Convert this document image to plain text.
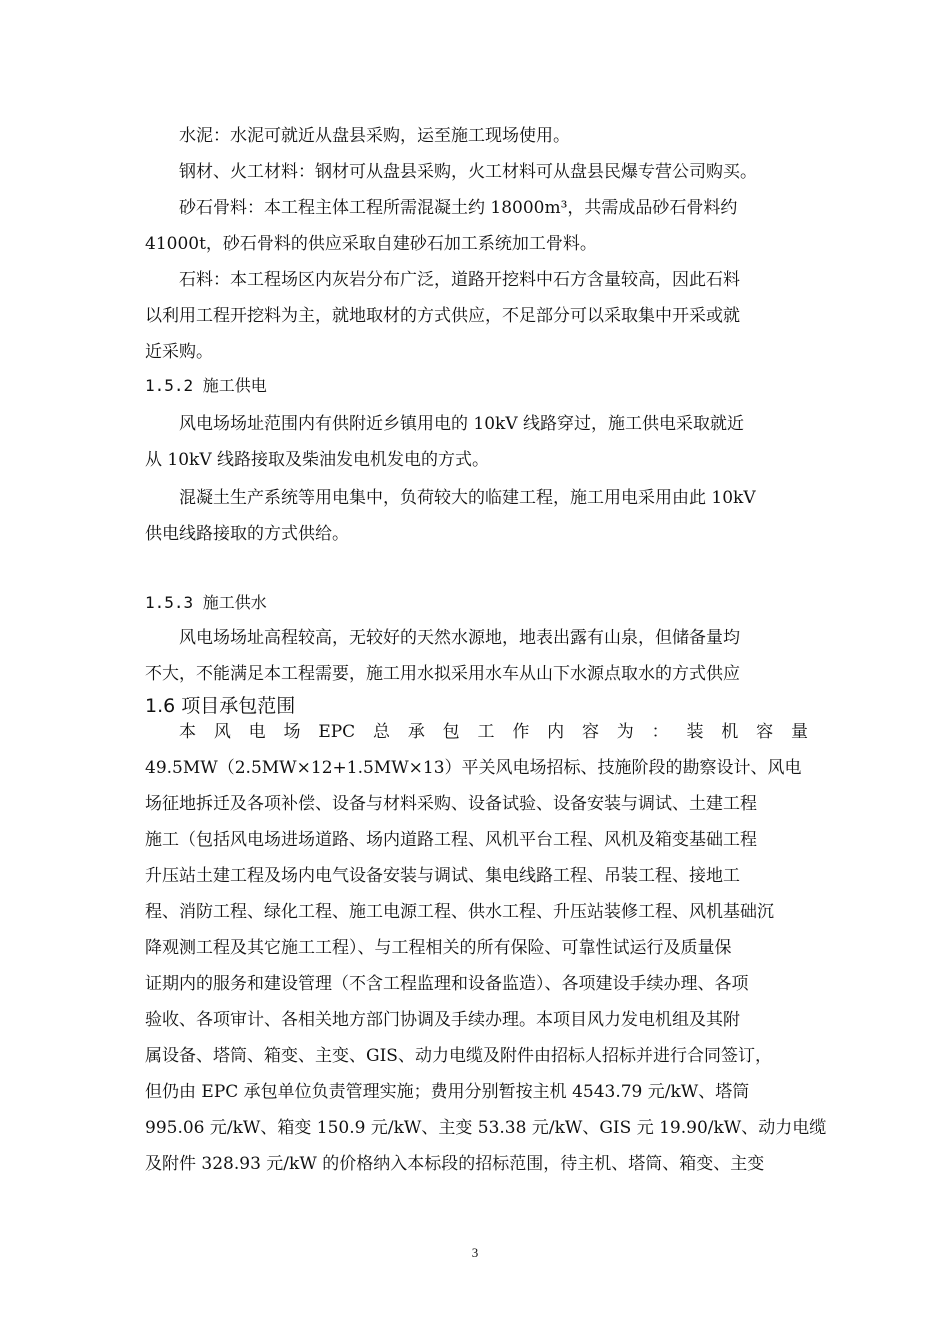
水泥：水泥可就近从盘县采购，运至施工现场使用。

钢材、火工材料：钢材可从盘县采购，火工材料可从盘县民爆专营公司购买。

砂石骨料：本工程主体工程所需混凝土约 18000m³，共需成品砂石骨料约
41000t，砂石骨料的供应采取自建砂石加工系统加工骨料。

石料：本工程场区内灰岩分布广泛，道路开挖料中石方含量较高，因此石料
以利用工程开挖料为主，就地取材的方式供应，不足部分可以采取集中开采或就
近采购。

1.5.2 施工供电

风电场场址范围内有供附近乡镇用电的 10kV 线路穿过，施工供电采取就近
从 10kV 线路接取及柴油发电机发电的方式。

混凝土生产系统等用电集中，负荷较大的临建工程，施工用电采用由此 10kV
供电线路接取的方式供给。

1.5.3 施工供水

风电场场址高程较高，无较好的天然水源地，地表出露有山泉，但储备量均
不大，不能满足本工程需要，施工用水拟采用水车从山下水源点取水的方式供应

1.6 项目承包范围

本 风 电 场 EPC 总 承 包 工 作 内 容 为 ： 装 机 容 量
49.5MW（2.5MW×12+1.5MW×13）平关风电场招标、技施阶段的勘察设计、风电
场征地拆迁及各项补偿、设备与材料采购、设备试验、设备安装与调试、土建工程
施工（包括风电场进场道路、场内道路工程、风机平台工程、风机及箱变基础工程
升压站土建工程及场内电气设备安装与调试、集电线路工程、吊装工程、接地工
程、消防工程、绿化工程、施工电源工程、供水工程、升压站装修工程、风机基础沉
降观测工程及其它施工工程）、与工程相关的所有保险、可靠性试运行及质量保
证期内的服务和建设管理（不含工程监理和设备监造）、各项建设手续办理、各项
验收、各项审计、各相关地方部门协调及手续办理。本项目风力发电机组及其附
属设备、塔筒、箱变、主变、GIS、动力电缆及附件由招标人招标并进行合同签订，
但仍由 EPC 承包单位负责管理实施；费用分别暂按主机 4543.79 元/kW、塔筒
995.06 元/kW、箱变 150.9 元/kW、主变 53.38 元/kW、GIS 元 19.90/kW、动力电缆
及附件 328.93 元/kW 的价格纳入本标段的招标范围，待主机、塔筒、箱变、主变
3
